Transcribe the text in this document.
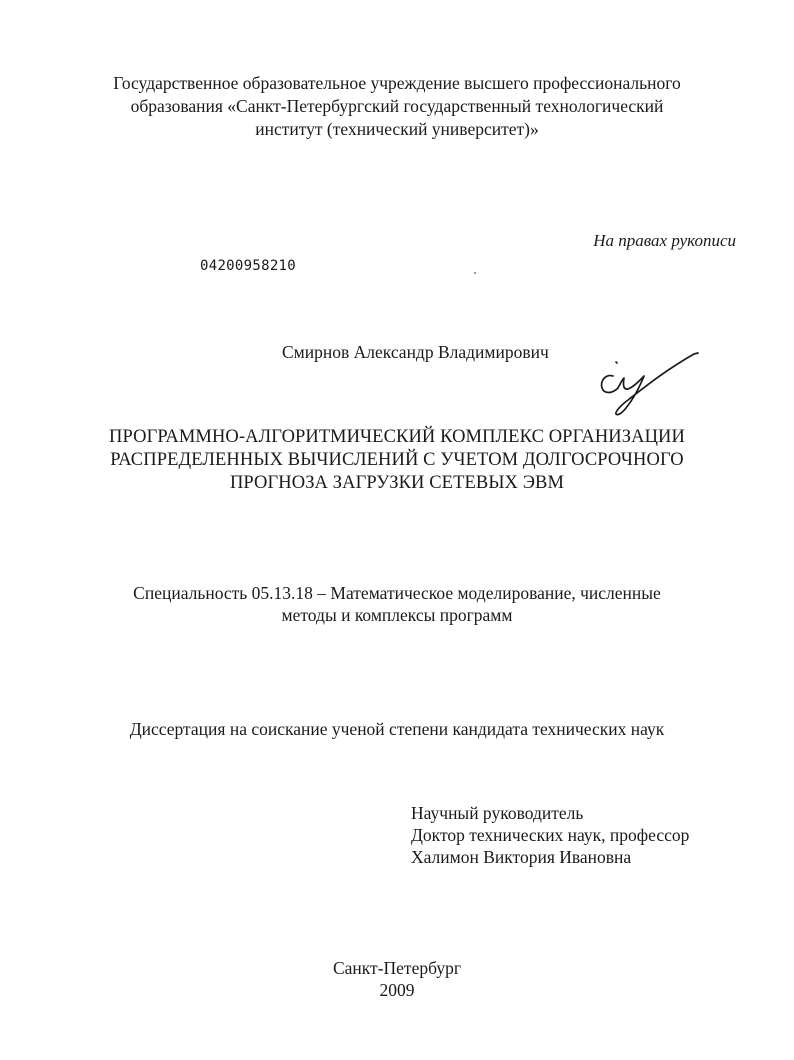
Государственное образовательное учреждение высшего профессионального
образования «Санкт-Петербургский государственный технологический
институт (технический университет)»
На правах рукописи
04200958210
Смирнов Александр Владимирович
ПРОГРАММНО-АЛГОРИТМИЧЕСКИЙ КОМПЛЕКС ОРГАНИЗАЦИИ
РАСПРЕДЕЛЕННЫХ ВЫЧИСЛЕНИЙ С УЧЕТОМ ДОЛГОСРОЧНОГО
ПРОГНОЗА ЗАГРУЗКИ СЕТЕВЫХ ЭВМ
Специальность 05.13.18 – Математическое моделирование, численные
методы и комплексы программ
Диссертация на соискание ученой степени кандидата технических наук
Научный руководитель
Доктор технических наук, профессор
Халимон Виктория Ивановна
Санкт-Петербург
2009
